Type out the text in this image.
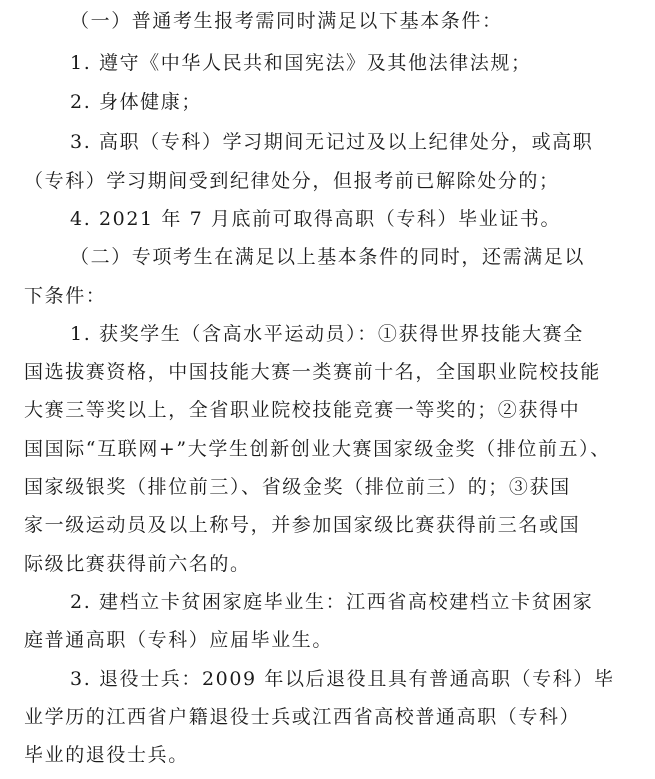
（一）普通考生报考需同时满足以下基本条件：
1. 遵守《中华人民共和国宪法》及其他法律法规；
2. 身体健康；
3. 高职（专科）学习期间无记过及以上纪律处分，或高职
（专科）学习期间受到纪律处分，但报考前已解除处分的；
4. 2021 年 7 月底前可取得高职（专科）毕业证书。
（二）专项考生在满足以上基本条件的同时，还需满足以
下条件：
1. 获奖学生（含高水平运动员）：①获得世界技能大赛全
国选拔赛资格，中国技能大赛一类赛前十名，全国职业院校技能
大赛三等奖以上，全省职业院校技能竞赛一等奖的；②获得中
国国际“互联网+”大学生创新创业大赛国家级金奖（排位前五）、
国家级银奖（排位前三）、省级金奖（排位前三）的；③获国
家一级运动员及以上称号，并参加国家级比赛获得前三名或国
际级比赛获得前六名的。
2. 建档立卡贫困家庭毕业生：江西省高校建档立卡贫困家
庭普通高职（专科）应届毕业生。
3. 退役士兵：2009 年以后退役且具有普通高职（专科）毕
业学历的江西省户籍退役士兵或江西省高校普通高职（专科）
毕业的退役士兵。
